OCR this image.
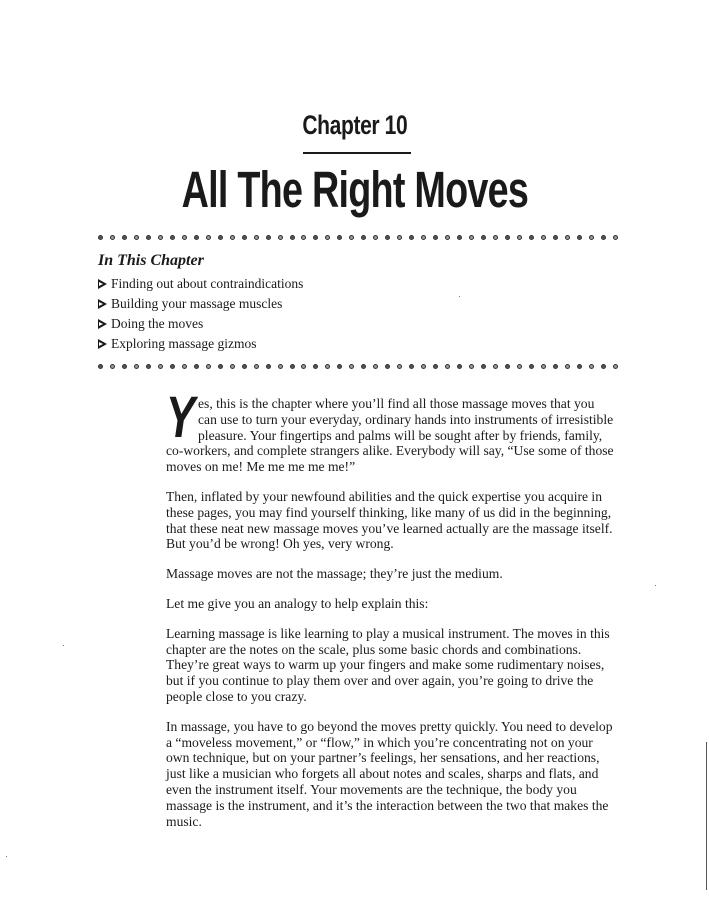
Chapter 10
All The Right Moves
In This Chapter
Finding out about contraindications
Building your massage muscles
Doing the moves
Exploring massage gizmos

Yes, this is the chapter where you’ll find all those massage moves that you can use to turn your everyday, ordinary hands into instruments of irresistible pleasure. Your fingertips and palms will be sought after by friends, family, co-workers, and complete strangers alike. Everybody will say, “Use some of those moves on me! Me me me me me!”

Then, inflated by your newfound abilities and the quick expertise you acquire in these pages, you may find yourself thinking, like many of us did in the beginning, that these neat new massage moves you’ve learned actually are the massage itself. But you’d be wrong! Oh yes, very wrong.

Massage moves are not the massage; they’re just the medium.

Let me give you an analogy to help explain this:

Learning massage is like learning to play a musical instrument. The moves in this chapter are the notes on the scale, plus some basic chords and combinations. They’re great ways to warm up your fingers and make some rudimentary noises, but if you continue to play them over and over again, you’re going to drive the people close to you crazy.

In massage, you have to go beyond the moves pretty quickly. You need to develop a “moveless movement,” or “flow,” in which you’re concentrating not on your own technique, but on your partner’s feelings, her sensations, and her reactions, just like a musician who forgets all about notes and scales, sharps and flats, and even the instrument itself. Your movements are the technique, the body you massage is the instrument, and it’s the interaction between the two that makes the music.
